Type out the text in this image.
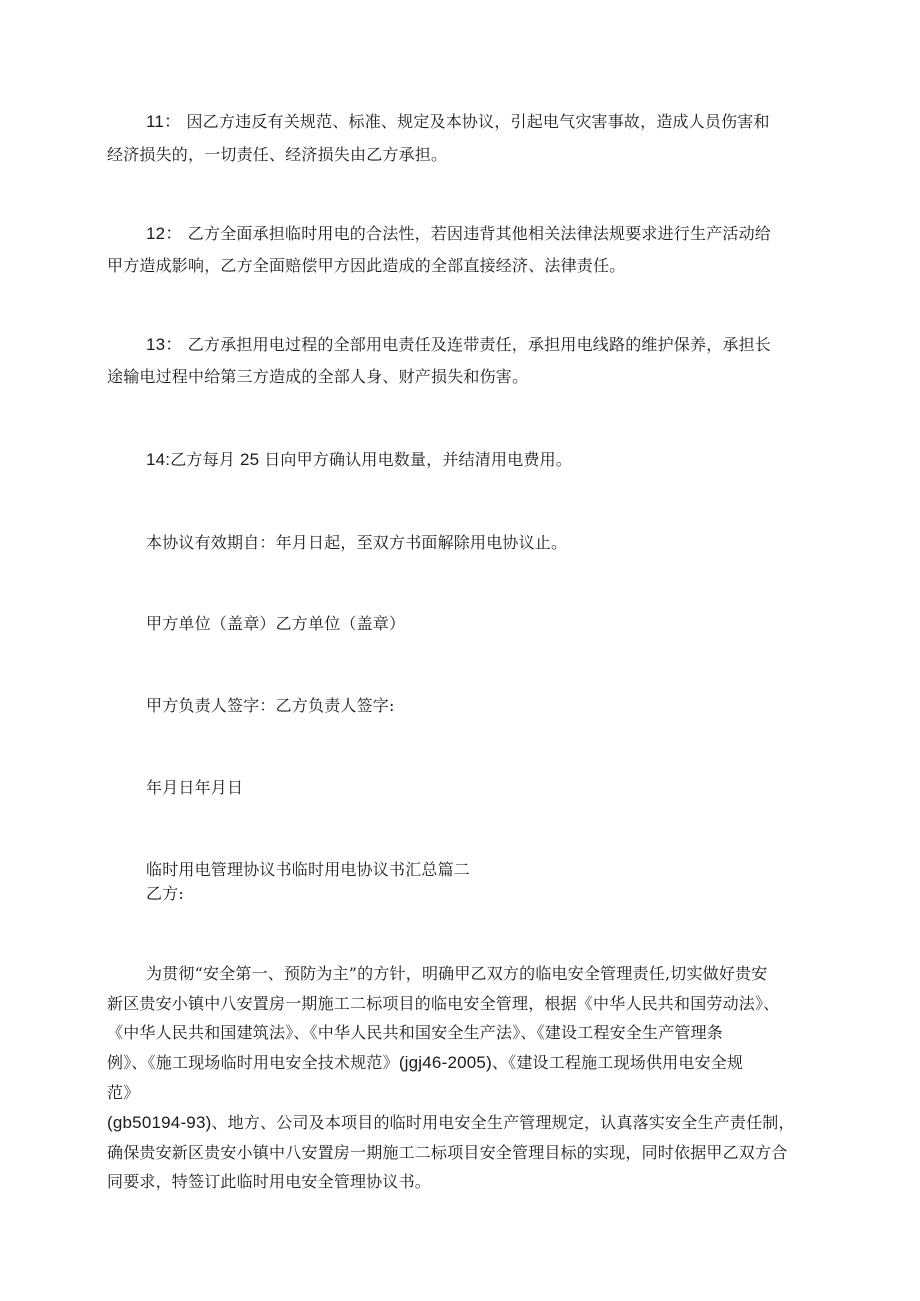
11： 因乙方违反有关规范、标准、规定及本协议，引起电气灾害事故，造成人员伤害和

经济损失的，一切责任、经济损失由乙方承担。

12： 乙方全面承担临时用电的合法性，若因违背其他相关法律法规要求进行生产活动给

甲方造成影响，乙方全面赔偿甲方因此造成的全部直接经济、法律责任。

13： 乙方承担用电过程的全部用电责任及连带责任，承担用电线路的维护保养，承担长

途输电过程中给第三方造成的全部人身、财产损失和伤害。

14:乙方每月 25 日向甲方确认用电数量，并结清用电费用。

本协议有效期自：年月日起，至双方书面解除用电协议止。

甲方单位（盖章）乙方单位（盖章）

甲方负责人签字：乙方负责人签字:

年月日年月日

临时用电管理协议书临时用电协议书汇总篇二

乙方:

为贯彻“安全第一、预防为主”的方针，明确甲乙双方的临电安全管理责任,切实做好贵安

新区贵安小镇中八安置房一期施工二标项目的临电安全管理，根据《中华人民共和国劳动法》、

《中华人民共和国建筑法》、《中华人民共和国安全生产法》、《建设工程安全生产管理条

例》、《施工现场临时用电安全技术规范》(jgj46-2005)、《建设工程施工现场供用电安全规

范》

(gb50194-93)、地方、公司及本项目的临时用电安全生产管理规定，认真落实安全生产责任制，

确保贵安新区贵安小镇中八安置房一期施工二标项目安全管理目标的实现，同时依据甲乙双方合

同要求，特签订此临时用电安全管理协议书。
